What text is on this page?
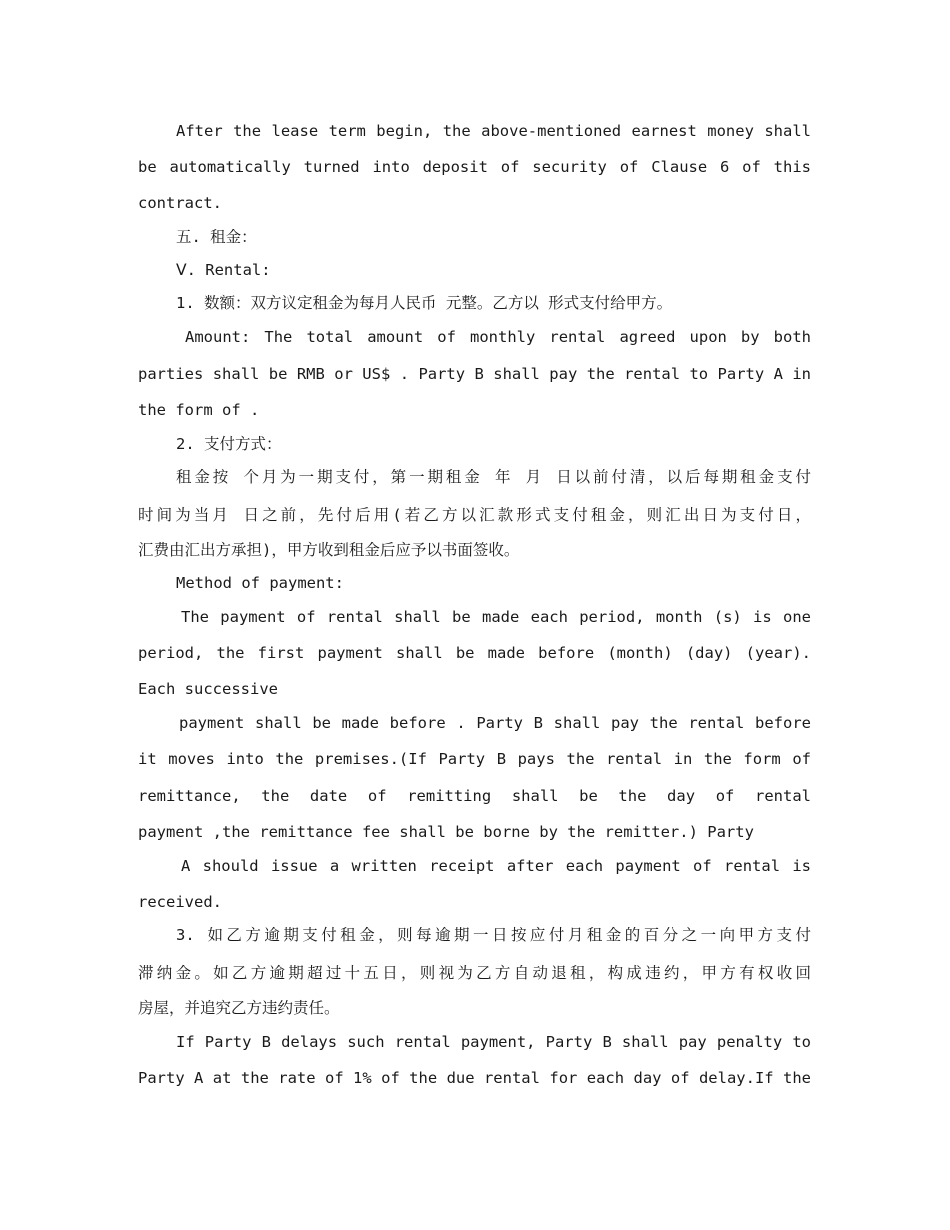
After the lease term begin, the above-mentioned earnest money shall
be automatically turned into deposit of security of Clause 6 of this
contract.
五. 租金：
Ⅴ. Rental:
1. 数额：双方议定租金为每月人民币 元整。乙方以 形式支付给甲方。
Amount: The total amount of monthly rental agreed upon by both
parties shall be RMB or US$ . Party B shall pay the rental to Party A in
the form of .
2. 支付方式：
租金按 个月为一期支付，第一期租金 年 月 日以前付清，以后每期租金支付
时间为当月 日之前，先付后用(若乙方以汇款形式支付租金，则汇出日为支付日，
汇费由汇出方承担)，甲方收到租金后应予以书面签收。
Method of payment:
The payment of rental shall be made each period, month (s) is one
period, the first payment shall be made before (month) (day) (year).
Each successive
payment shall be made before . Party B shall pay the rental before
it moves into the premises.(If Party B pays the rental in the form of
remittance, the date of remitting shall be the day of rental
payment ,the remittance fee shall be borne by the remitter.) Party
A should issue a written receipt after each payment of rental is
received.
3. 如乙方逾期支付租金，则每逾期一日按应付月租金的百分之一向甲方支付
滞纳金。如乙方逾期超过十五日，则视为乙方自动退租，构成违约，甲方有权收回
房屋，并追究乙方违约责任。
If Party B delays such rental payment, Party B shall pay penalty to
Party A at the rate of 1% of the due rental for each day of delay.If the
